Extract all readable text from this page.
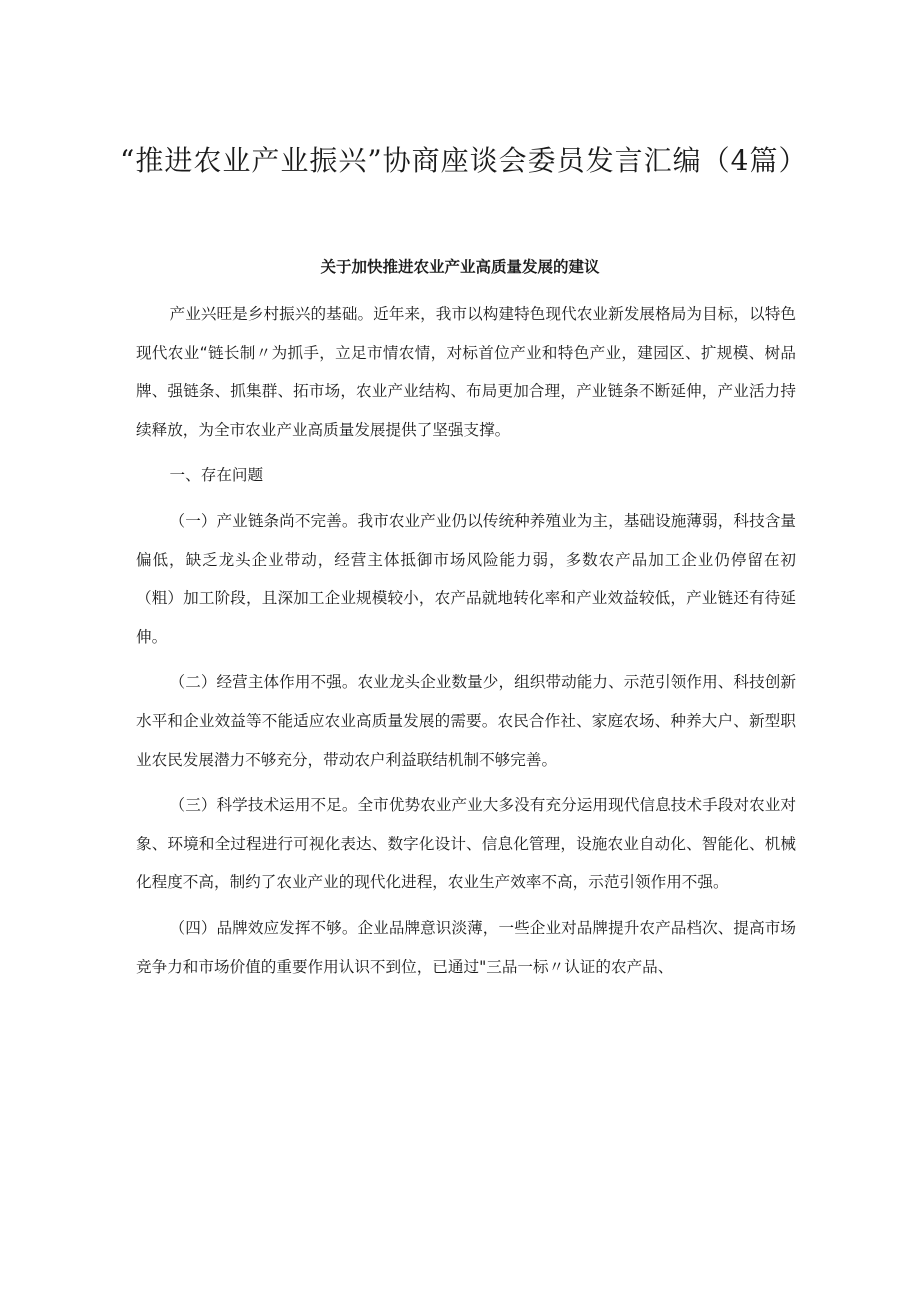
“推进农业产业振兴”协商座谈会委员发言汇编（4篇）
关于加快推进农业产业高质量发展的建议

产业兴旺是乡村振兴的基础。近年来，我市以构建特色现代农业新发展格局为目标，以特色现代农业“链长制〃为抓手，立足市情农情，对标首位产业和特色产业，建园区、扩规模、树品牌、强链条、抓集群、拓市场，农业产业结构、布局更加合理，产业链条不断延伸，产业活力持续释放，为全市农业产业高质量发展提供了坚强支撑。

一、存在问题

（一）产业链条尚不完善。我市农业产业仍以传统种养殖业为主，基础设施薄弱，科技含量偏低，缺乏龙头企业带动，经营主体抵御市场风险能力弱，多数农产品加工企业仍停留在初（粗）加工阶段，且深加工企业规模较小，农产品就地转化率和产业效益较低，产业链还有待延伸。

（二）经营主体作用不强。农业龙头企业数量少，组织带动能力、示范引领作用、科技创新水平和企业效益等不能适应农业高质量发展的需要。农民合作社、家庭农场、种养大户、新型职业农民发展潜力不够充分，带动农户利益联结机制不够完善。

（三）科学技术运用不足。全市优势农业产业大多没有充分运用现代信息技术手段对农业对象、环境和全过程进行可视化表达、数字化设计、信息化管理，设施农业自动化、智能化、机械化程度不高，制约了农业产业的现代化进程，农业生产效率不高，示范引领作用不强。

（四）品牌效应发挥不够。企业品牌意识淡薄，一些企业对品牌提升农产品档次、提高市场竞争力和市场价值的重要作用认识不到位，已通过"三品一标〃认证的农产品、
